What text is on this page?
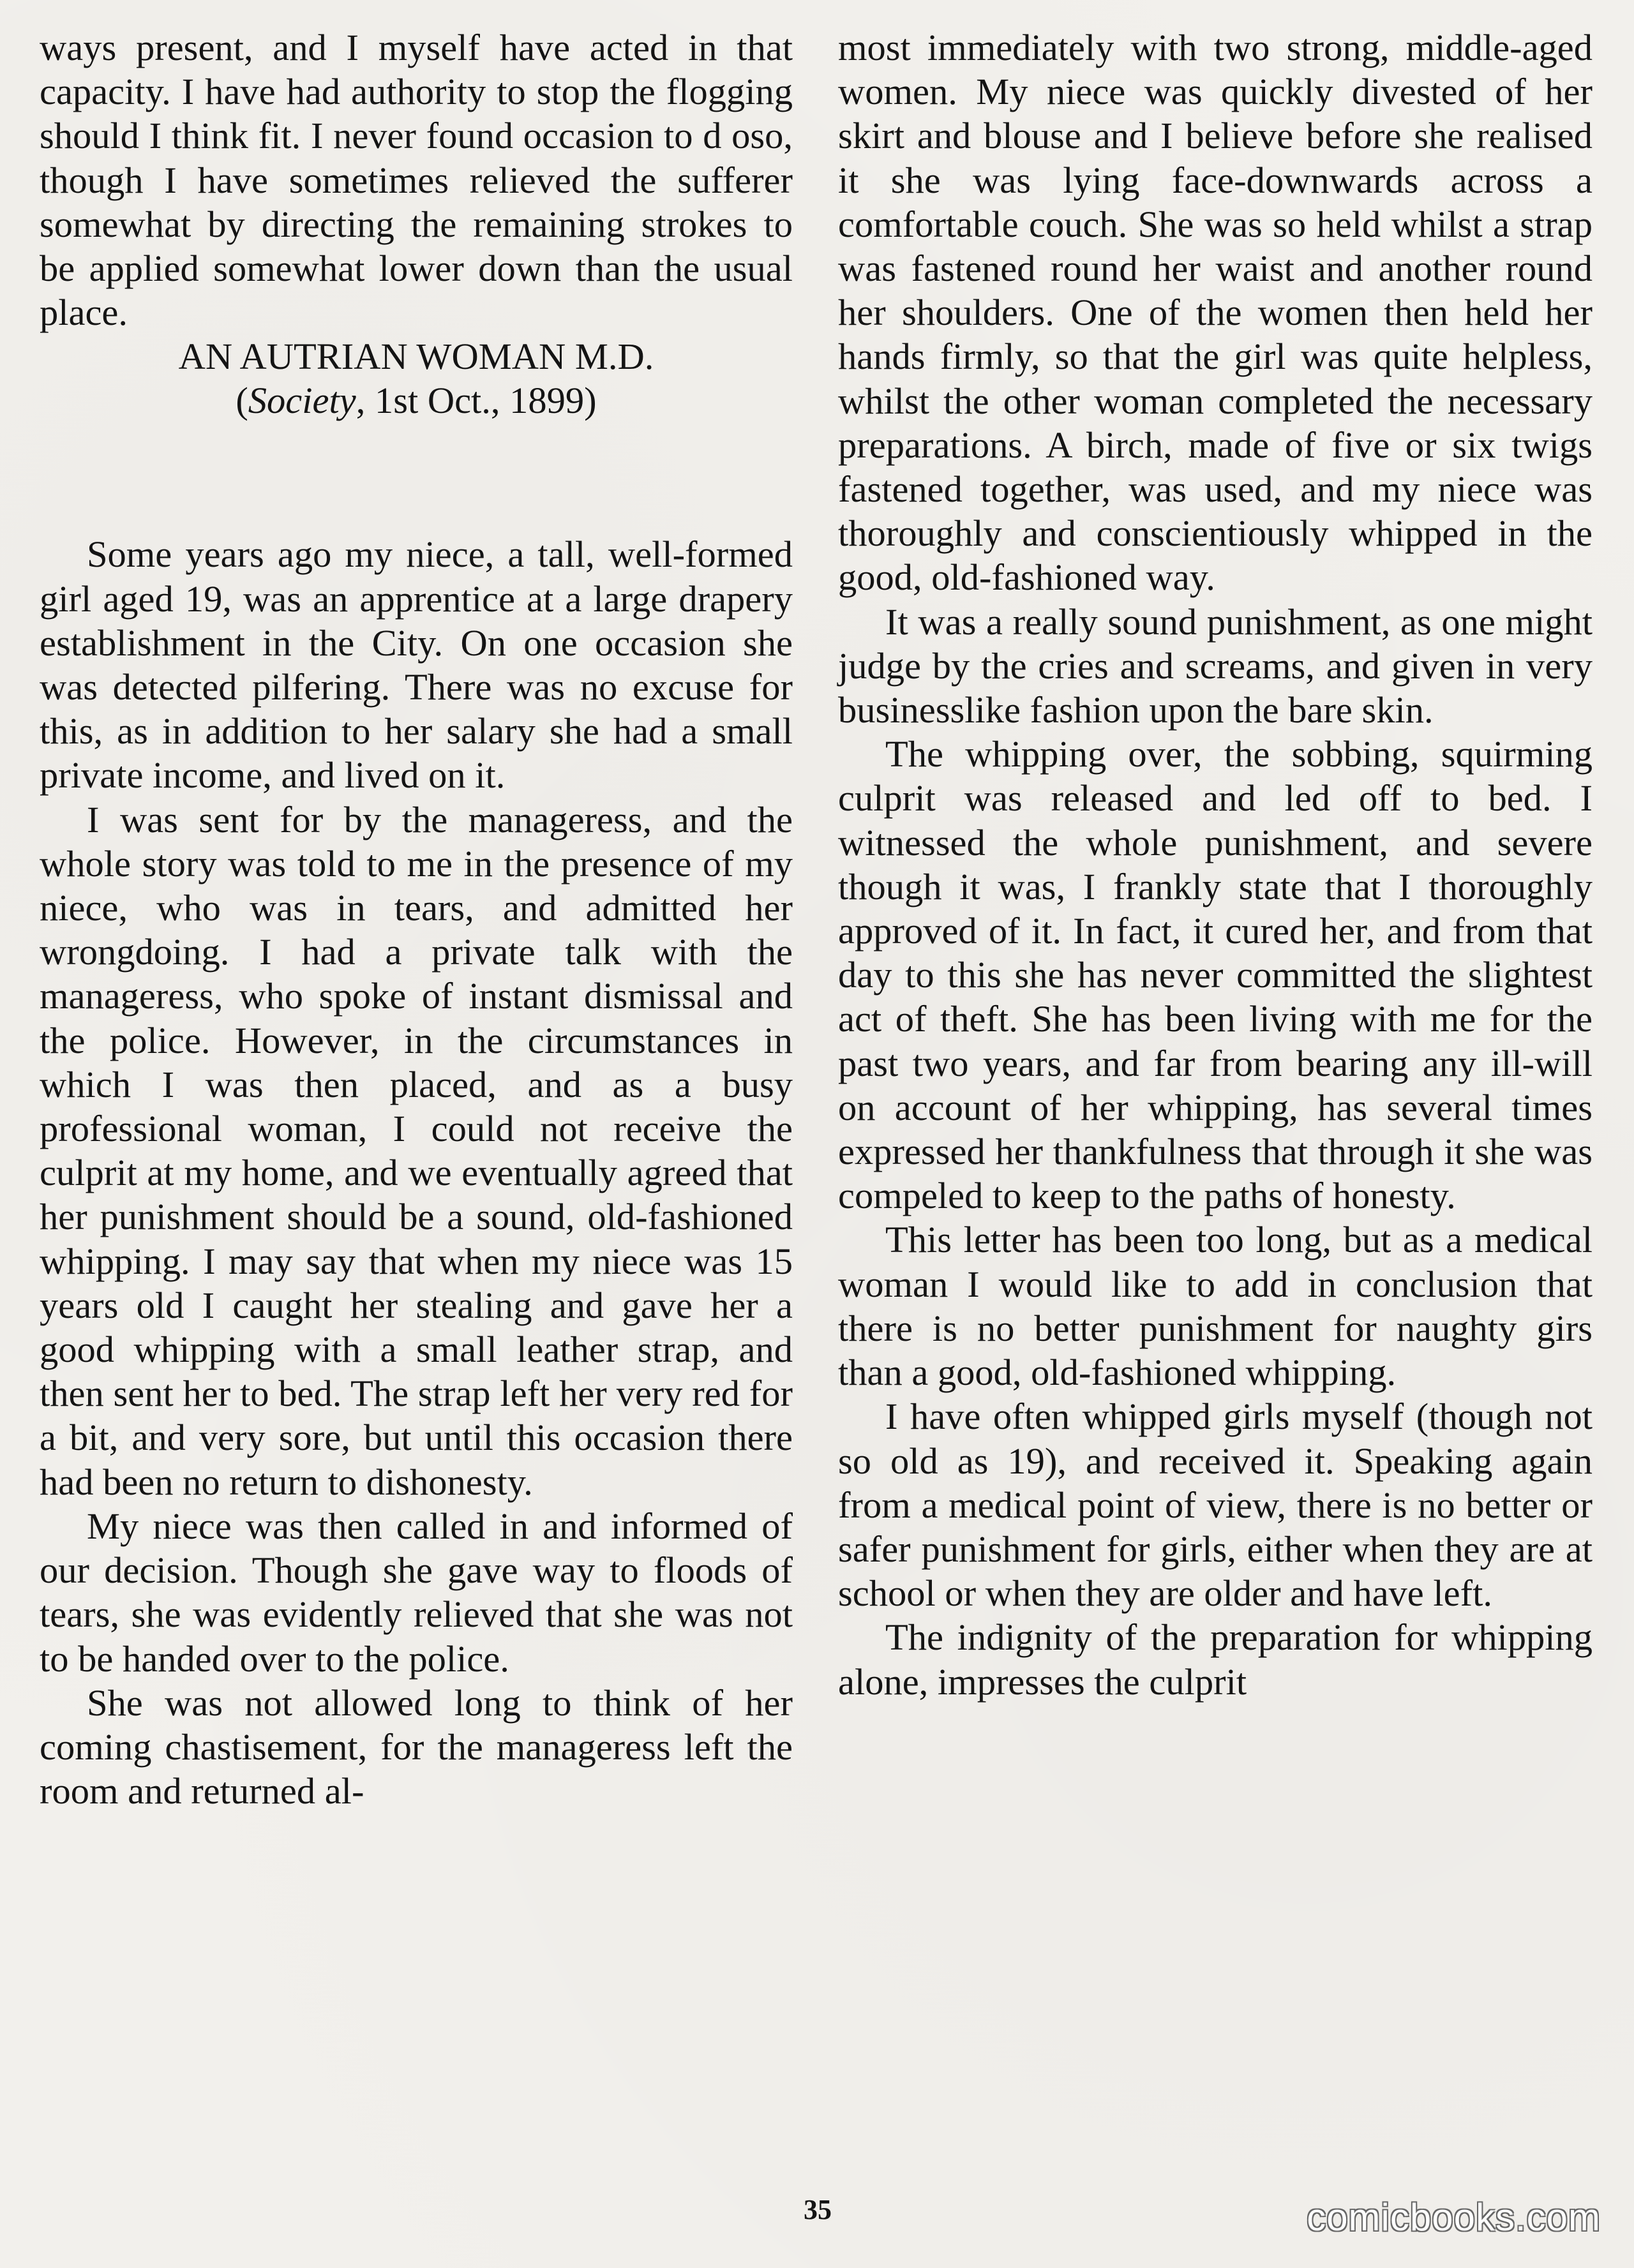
ways present, and I myself have acted in that capacity. I have had authority to stop the flogging should I think fit. I never found occasion to d oso, though I have sometimes relieved the sufferer somewhat by directing the remaining strokes to be applied somewhat lower down than the usual place.

AN AUTRIAN WOMAN M.D.

(Society, 1st Oct., 1899)

Some years ago my niece, a tall, well-formed girl aged 19, was an apprentice at a large drapery establishment in the City. On one occasion she was detected pilfering. There was no excuse for this, as in addition to her salary she had a small private income, and lived on it.

I was sent for by the manageress, and the whole story was told to me in the presence of my niece, who was in tears, and admitted her wrongdoing. I had a private talk with the manageress, who spoke of instant dismissal and the police. However, in the circumstances in which I was then placed, and as a busy professional woman, I could not receive the culprit at my home, and we eventually agreed that her punishment should be a sound, old-fashioned whipping. I may say that when my niece was 15 years old I caught her stealing and gave her a good whipping with a small leather strap, and then sent her to bed. The strap left her very red for a bit, and very sore, but until this occasion there had been no return to dishonesty.

My niece was then called in and informed of our decision. Though she gave way to floods of tears, she was evidently relieved that she was not to be handed over to the police.

She was not allowed long to think of her coming chastisement, for the manageress left the room and returned al-

most immediately with two strong, middle-aged women. My niece was quickly divested of her skirt and blouse and I believe before she realised it she was lying face-downwards across a comfortable couch. She was so held whilst a strap was fastened round her waist and another round her shoulders. One of the women then held her hands firmly, so that the girl was quite helpless, whilst the other woman completed the necessary preparations. A birch, made of five or six twigs fastened together, was used, and my niece was thoroughly and conscientiously whipped in the good, old-fashioned way.

It was a really sound punishment, as one might judge by the cries and screams, and given in very businesslike fashion upon the bare skin.

The whipping over, the sobbing, squirming culprit was released and led off to bed. I witnessed the whole punishment, and severe though it was, I frankly state that I thoroughly approved of it. In fact, it cured her, and from that day to this she has never committed the slightest act of theft. She has been living with me for the past two years, and far from bearing any ill-will on account of her whipping, has several times expressed her thankfulness that through it she was compeled to keep to the paths of honesty.

This letter has been too long, but as a medical woman I would like to add in conclusion that there is no better punishment for naughty girs than a good, old-fashioned whipping.

I have often whipped girls myself (though not so old as 19), and received it. Speaking again from a medical point of view, there is no better or safer punishment for girls, either when they are at school or when they are older and have left.

The indignity of the preparation for whipping alone, impresses the culprit

35	comicbooks.com
